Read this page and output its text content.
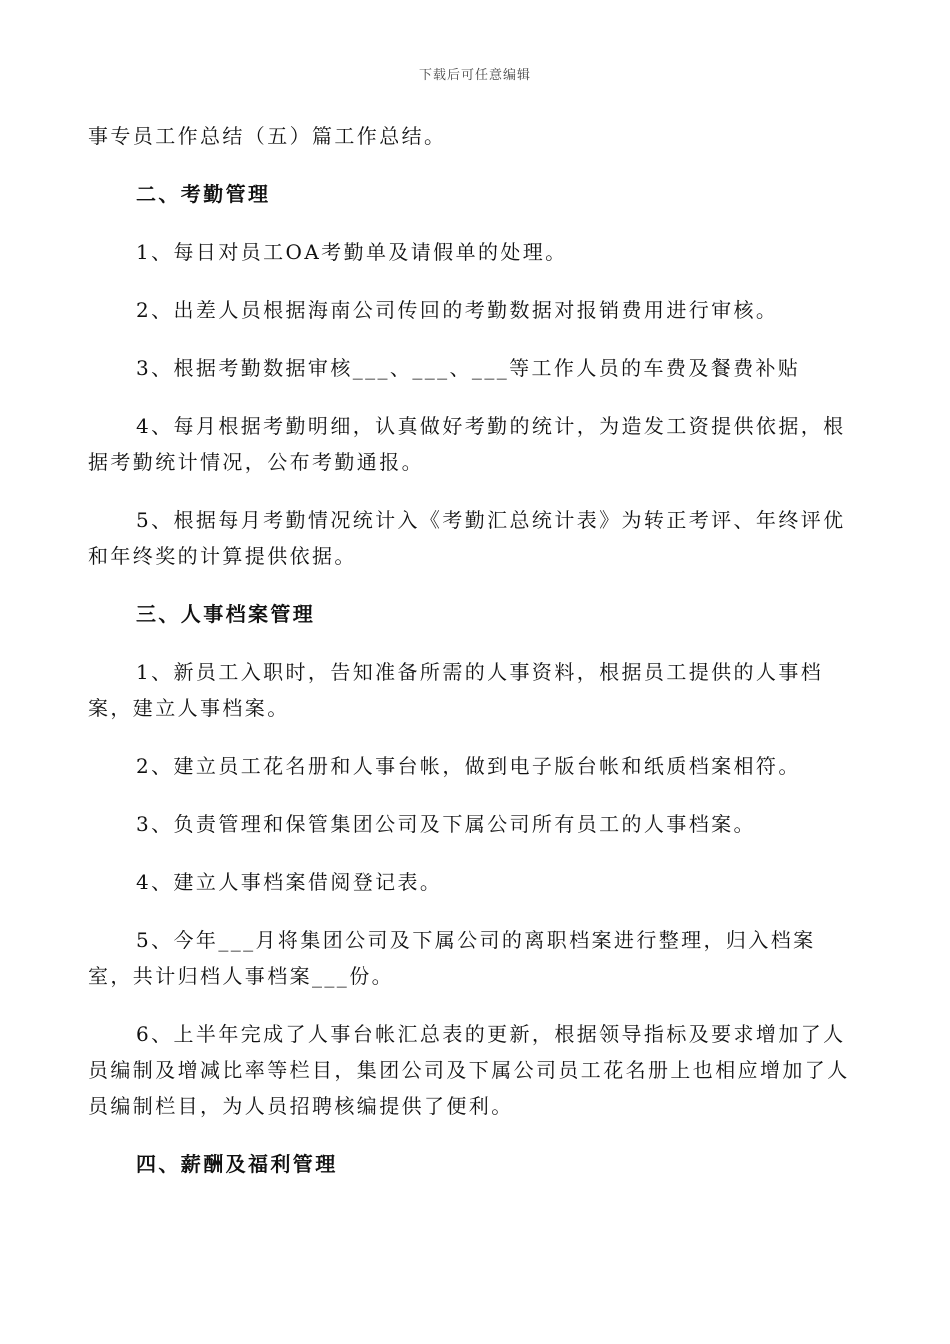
下载后可任意编辑

事专员工作总结（五）篇工作总结。

二、考勤管理

1、每日对员工OA考勤单及请假单的处理。

2、出差人员根据海南公司传回的考勤数据对报销费用进行审核。

3、根据考勤数据审核___、___、___等工作人员的车费及餐费补贴

4、每月根据考勤明细，认真做好考勤的统计，为造发工资提供依据，根据考勤统计情况，公布考勤通报。

5、根据每月考勤情况统计入《考勤汇总统计表》为转正考评、年终评优和年终奖的计算提供依据。

三、人事档案管理

1、新员工入职时，告知准备所需的人事资料，根据员工提供的人事档案，建立人事档案。

2、建立员工花名册和人事台帐，做到电子版台帐和纸质档案相符。

3、负责管理和保管集团公司及下属公司所有员工的人事档案。

4、建立人事档案借阅登记表。

5、今年___月将集团公司及下属公司的离职档案进行整理，归入档案室，共计归档人事档案___份。

6、上半年完成了人事台帐汇总表的更新，根据领导指标及要求增加了人员编制及增减比率等栏目，集团公司及下属公司员工花名册上也相应增加了人员编制栏目，为人员招聘核编提供了便利。

四、薪酬及福利管理
